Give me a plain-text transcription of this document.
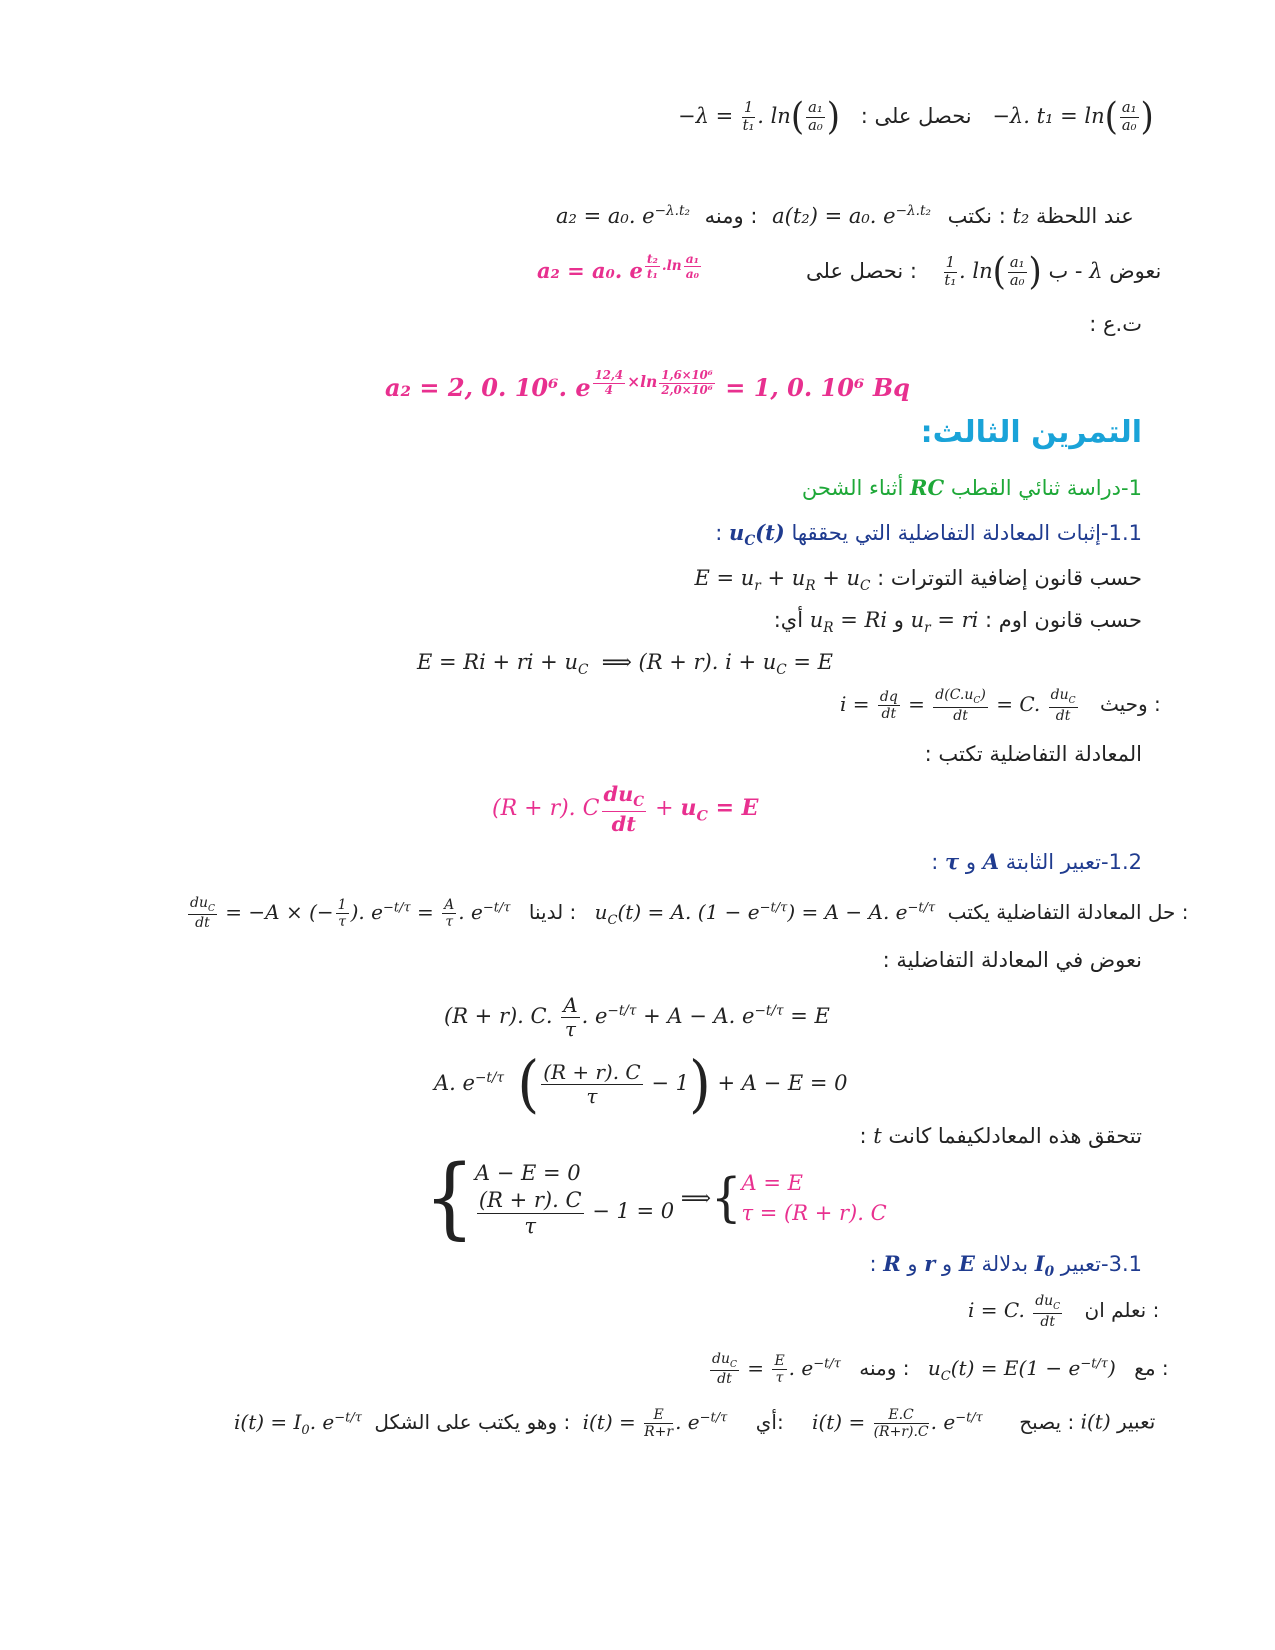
$-\lambda = \frac{1}{\text{t₁}}$ . $\ln( \frac{\text{a₁}}{\text{a₀}}$ ) نحصل على : −λ. $t_1 = \ln( \frac{\text{a₁}}{\text{a₀}}$ )
a₂ = a₀. $e^{-\lambda.t_2}$ ومنه : a(t₂) = a₀. $e^{-\lambda.t_2}$ نكتب : t₂ عند اللحظة
a₂ = a₀. e $^{\frac{\text{t₂}}{\text{t₁}} .ln \frac{\text{a₁}}{\text{a₀}}}$	نحصل على : $\frac{1}{\text{t₁}}$ . $\ln( \frac{\text{a₁}}{\text{a₀}}$ ) ب - λ نعوض
ت.ع :
a₂ = 2, 0. 10⁶. e $^{\frac{12,4}{4} \times ln \frac{\text{1,6×10⁶}}{\text{2,0×10⁶}}}$ = 1, 0. 10⁶ Bq
التمرين الثالث:
1-دراسة ثنائي القطب RC أثناء الشحن
1.1-إثبات المعادلة التفاضلية التي يحققها $u_C(t)$ :
حسب قانون إضافية التوترات : $E = u_r + u_R + u_C$
حسب قانون اوم : $u_r$ = ri و $u_R = Ri$ أي:
E = Ri + ri + $u_C$  ⟹ (R + r). $i + u_C = E$
$i = \frac{dq}{dt} = \frac{d(C.u_C)}{dt} = C$. $\frac{du_C}{dt}$ وحيث :
المعادلة التفاضلية تكتب :
(R + r). C $\frac{du_C}{dt} + u_C = E$
1.2-تعبير الثابتة A و τ :
$\frac{du_C}{dt} = -A$ × (− $\frac{1}{\tau}$ ). $e^{-t/\tau} = \frac{A}{\tau}$ . $e^{-t/\tau}$ لدينا : $u_C(t) = A$. $(1 - e^{-t/\tau}) = A - A$. $e^{-t/\tau}$ حل المعادلة التفاضلية يكتب :
نعوض في المعادلة التفاضلية :
(R + r). C. $\frac{A}{\tau}$ . $e^{-t/\tau} + A - A$. $e^{-t/\tau} = E$
A. $e^{-t/\tau}$ ( $\frac{(R + r). C}{\tau} - 1) + A - E = 0$
تتحقق هذه المعادلكيفما كانت t :
{ A − E = 0
$\frac{(R + r). C}{\tau} - 1 = 0$
⟹{ A = E
τ = (R + r). C
3.1-تعبير $I_0$ بدلالة E و r و R :
i = C. $\frac{du_C}{dt}$ نعلم ان :
$\frac{du_C}{dt} = \frac{E}{\tau}$ . $e^{-t/\tau}$ ومنه : $u_C(t) = E(1 - e^{-t/\tau})$ مع :
$i(t) = I_0$. $e^{-t/\tau}$ وهو يكتب على الشكل : $i(t) = \frac{E}{R+r}$ . $e^{-t/\tau}$ أي: $i(t) = \frac{E.C}{(R+r).C}$ . $e^{-t/\tau}$ يصبح : i(t) تعبير
